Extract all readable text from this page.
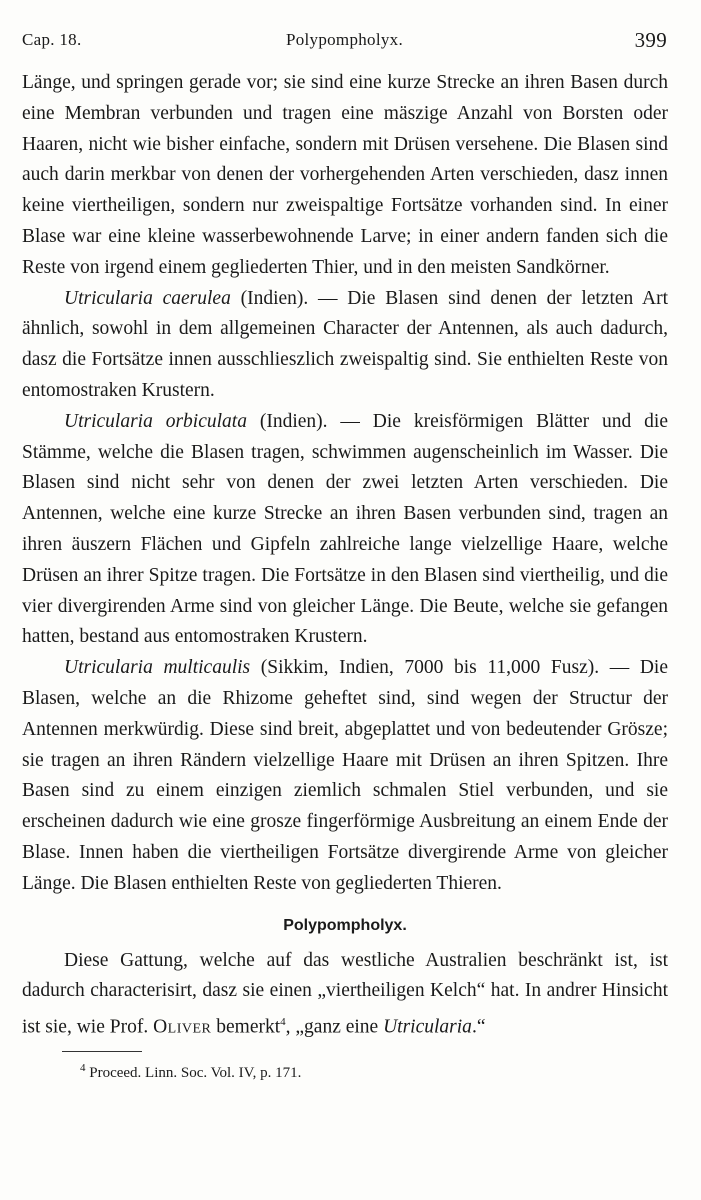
Cap. 18.	Polypompholyx.	399

Länge, und springen gerade vor; sie sind eine kurze Strecke an ihren Basen durch eine Membran verbunden und tragen eine mäszige Anzahl von Borsten oder Haaren, nicht wie bisher einfache, sondern mit Drüsen versehene. Die Blasen sind auch darin merkbar von denen der vorhergehenden Arten verschieden, dasz innen keine viertheiligen, sondern nur zweispaltige Fortsätze vorhanden sind. In einer Blase war eine kleine wasserbewohnende Larve; in einer andern fanden sich die Reste von irgend einem gegliederten Thier, und in den meisten Sandkörner.

Utricularia caerulea (Indien). — Die Blasen sind denen der letzten Art ähnlich, sowohl in dem allgemeinen Character der Antennen, als auch dadurch, dasz die Fortsätze innen ausschlieszlich zweispaltig sind. Sie enthielten Reste von entomostraken Krustern.

Utricularia orbiculata (Indien). — Die kreisförmigen Blätter und die Stämme, welche die Blasen tragen, schwimmen augenscheinlich im Wasser. Die Blasen sind nicht sehr von denen der zwei letzten Arten verschieden. Die Antennen, welche eine kurze Strecke an ihren Basen verbunden sind, tragen an ihren äuszern Flächen und Gipfeln zahlreiche lange vielzellige Haare, welche Drüsen an ihrer Spitze tragen. Die Fortsätze in den Blasen sind viertheilig, und die vier divergirenden Arme sind von gleicher Länge. Die Beute, welche sie gefangen hatten, bestand aus entomostraken Krustern.

Utricularia multicaulis (Sikkim, Indien, 7000 bis 11,000 Fusz). — Die Blasen, welche an die Rhizome geheftet sind, sind wegen der Structur der Antennen merkwürdig. Diese sind breit, abgeplattet und von bedeutender Grösze; sie tragen an ihren Rändern vielzellige Haare mit Drüsen an ihren Spitzen. Ihre Basen sind zu einem einzigen ziemlich schmalen Stiel verbunden, und sie erscheinen dadurch wie eine grosze fingerförmige Ausbreitung an einem Ende der Blase. Innen haben die viertheiligen Fortsätze divergirende Arme von gleicher Länge. Die Blasen enthielten Reste von gegliederten Thieren.

Polypompholyx.

Diese Gattung, welche auf das westliche Australien beschränkt ist, ist dadurch characterisirt, dasz sie einen „viertheiligen Kelch“ hat. In andrer Hinsicht ist sie, wie Prof. Oliver bemerkt$^4$, „ganz eine Utricularia.“

$^4$ Proceed. Linn. Soc. Vol. IV, p. 171.
